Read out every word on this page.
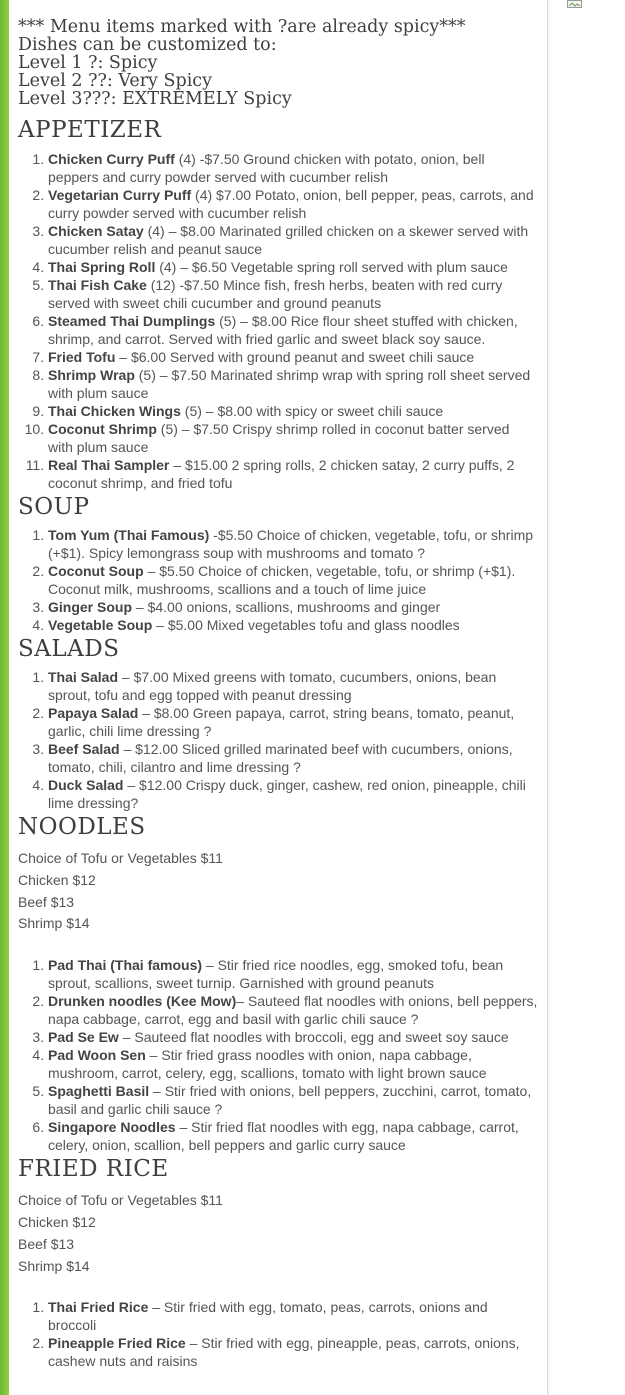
*** Menu items marked with ?are already spicy***
Dishes can be customized to:
Level 1 ?: Spicy
Level 2 ??: Very Spicy
Level 3???: EXTREMELY Spicy
APPETIZER
1. Chicken Curry Puff (4) -$7.50 Ground chicken with potato, onion, bell peppers and curry powder served with cucumber relish
2. Vegetarian Curry Puff (4) $7.00 Potato, onion, bell pepper, peas, carrots, and curry powder served with cucumber relish
3. Chicken Satay (4) – $8.00 Marinated grilled chicken on a skewer served with cucumber relish and peanut sauce
4. Thai Spring Roll (4) – $6.50 Vegetable spring roll served with plum sauce
5. Thai Fish Cake (12) -$7.50 Mince fish, fresh herbs, beaten with red curry served with sweet chili cucumber and ground peanuts
6. Steamed Thai Dumplings (5) – $8.00 Rice flour sheet stuffed with chicken, shrimp, and carrot. Served with fried garlic and sweet black soy sauce.
7. Fried Tofu – $6.00 Served with ground peanut and sweet chili sauce
8. Shrimp Wrap (5) – $7.50 Marinated shrimp wrap with spring roll sheet served with plum sauce
9. Thai Chicken Wings (5) – $8.00 with spicy or sweet chili sauce
10. Coconut Shrimp (5) – $7.50 Crispy shrimp rolled in coconut batter served with plum sauce
11. Real Thai Sampler – $15.00 2 spring rolls, 2 chicken satay, 2 curry puffs, 2 coconut shrimp, and fried tofu
SOUP
1. Tom Yum (Thai Famous) -$5.50 Choice of chicken, vegetable, tofu, or shrimp (+$1). Spicy lemongrass soup with mushrooms and tomato ?
2. Coconut Soup – $5.50 Choice of chicken, vegetable, tofu, or shrimp (+$1). Coconut milk, mushrooms, scallions and a touch of lime juice
3. Ginger Soup – $4.00 onions, scallions, mushrooms and ginger
4. Vegetable Soup – $5.00 Mixed vegetables tofu and glass noodles
SALADS
1. Thai Salad – $7.00 Mixed greens with tomato, cucumbers, onions, bean sprout, tofu and egg topped with peanut dressing
2. Papaya Salad – $8.00 Green papaya, carrot, string beans, tomato, peanut, garlic, chili lime dressing ?
3. Beef Salad – $12.00 Sliced grilled marinated beef with cucumbers, onions, tomato, chili, cilantro and lime dressing ?
4. Duck Salad – $12.00 Crispy duck, ginger, cashew, red onion, pineapple, chili lime dressing?
NOODLES
Choice of Tofu or Vegetables $11
Chicken $12
Beef $13
Shrimp $14
1. Pad Thai (Thai famous) – Stir fried rice noodles, egg, smoked tofu, bean sprout, scallions, sweet turnip. Garnished with ground peanuts
2. Drunken noodles (Kee Mow)– Sauteed flat noodles with onions, bell peppers, napa cabbage, carrot, egg and basil with garlic chili sauce ?
3. Pad Se Ew – Sauteed flat noodles with broccoli, egg and sweet soy sauce
4. Pad Woon Sen – Stir fried grass noodles with onion, napa cabbage, mushroom, carrot, celery, egg, scallions, tomato with light brown sauce
5. Spaghetti Basil – Stir fried with onions, bell peppers, zucchini, carrot, tomato, basil and garlic chili sauce ?
6. Singapore Noodles – Stir fried flat noodles with egg, napa cabbage, carrot, celery, onion, scallion, bell peppers and garlic curry sauce
FRIED RICE
Choice of Tofu or Vegetables $11
Chicken $12
Beef $13
Shrimp $14
1. Thai Fried Rice – Stir fried with egg, tomato, peas, carrots, onions and broccoli
2. Pineapple Fried Rice – Stir fried with egg, pineapple, peas, carrots, onions, cashew nuts and raisins
